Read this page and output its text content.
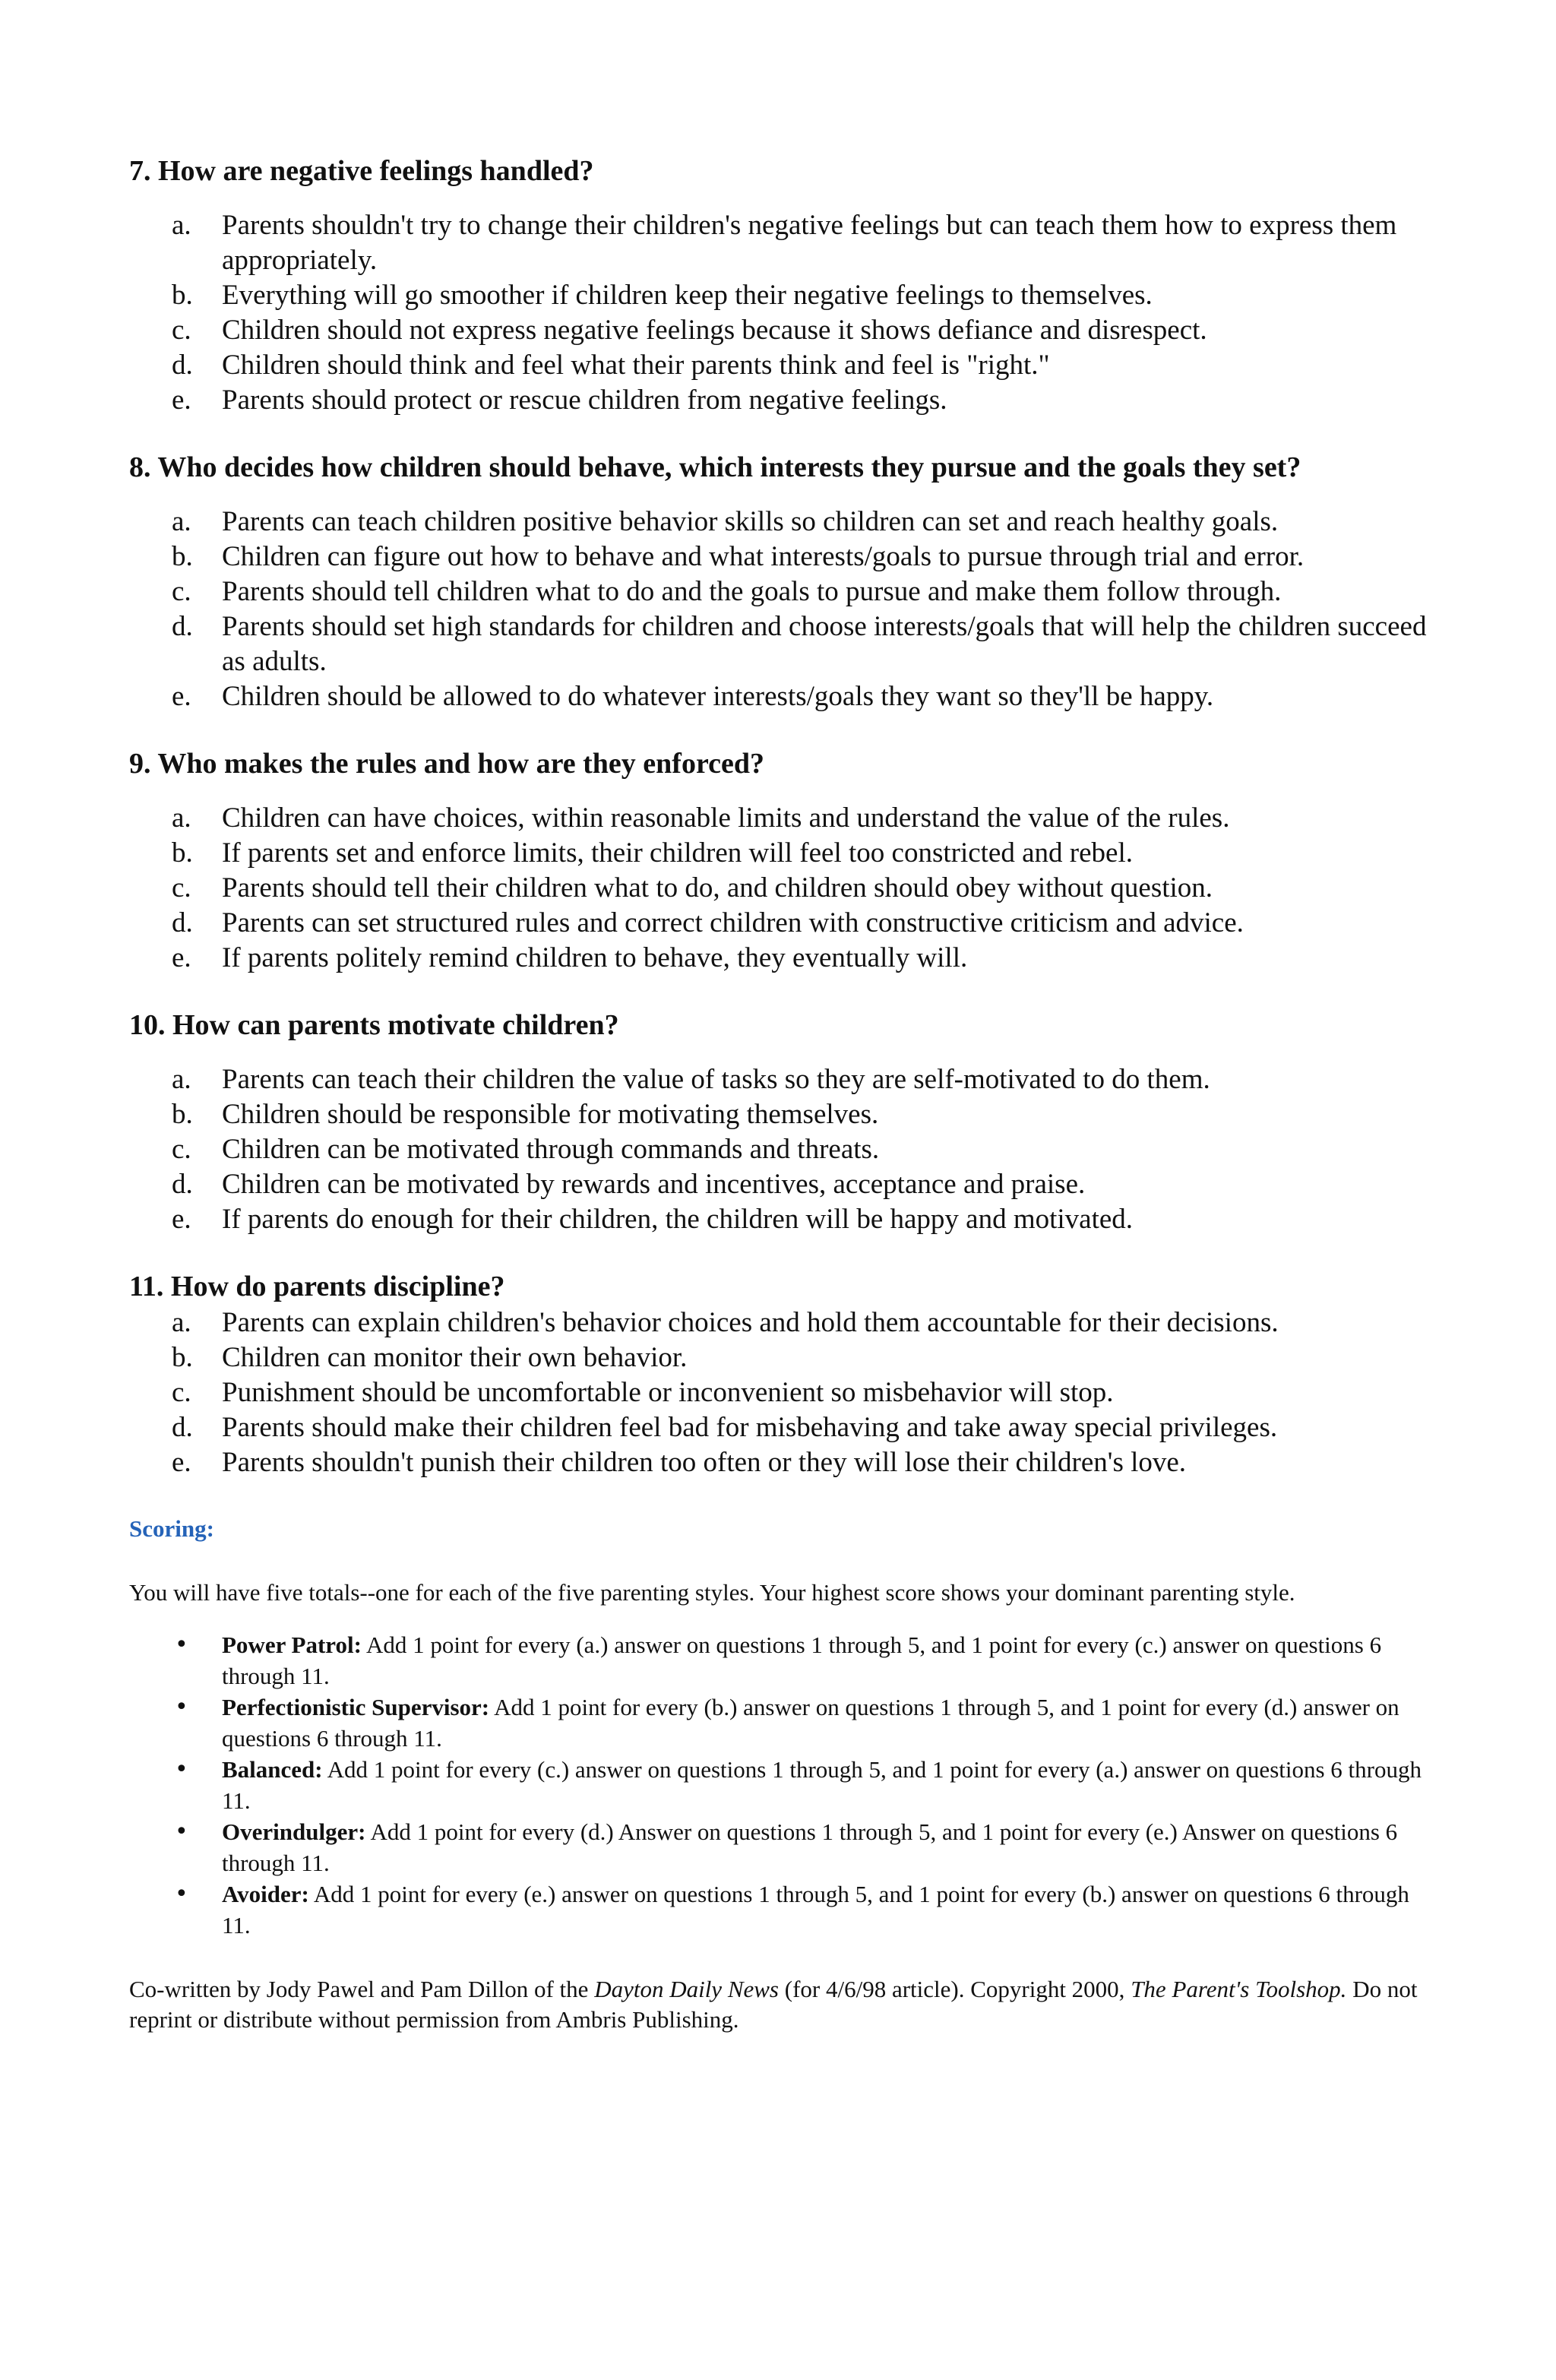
7. How are negative feelings handled?

a. Parents shouldn't try to change their children's negative feelings but can teach them how to express them appropriately.
b. Everything will go smoother if children keep their negative feelings to themselves.
c. Children should not express negative feelings because it shows defiance and disrespect.
d. Children should think and feel what their parents think and feel is "right."
e. Parents should protect or rescue children from negative feelings.

8. Who decides how children should behave, which interests they pursue and the goals they set?

a. Parents can teach children positive behavior skills so children can set and reach healthy goals.
b. Children can figure out how to behave and what interests/goals to pursue through trial and error.
c. Parents should tell children what to do and the goals to pursue and make them follow through.
d. Parents should set high standards for children and choose interests/goals that will help the children succeed as adults.
e. Children should be allowed to do whatever interests/goals they want so they'll be happy.

9. Who makes the rules and how are they enforced?

a. Children can have choices, within reasonable limits and understand the value of the rules.
b. If parents set and enforce limits, their children will feel too constricted and rebel.
c. Parents should tell their children what to do, and children should obey without question.
d. Parents can set structured rules and correct children with constructive criticism and advice.
e. If parents politely remind children to behave, they eventually will.

10. How can parents motivate children?

a. Parents can teach their children the value of tasks so they are self-motivated to do them.
b. Children should be responsible for motivating themselves.
c. Children can be motivated through commands and threats.
d. Children can be motivated by rewards and incentives, acceptance and praise.
e. If parents do enough for their children, the children will be happy and motivated.

11. How do parents discipline?

a. Parents can explain children's behavior choices and hold them accountable for their decisions.
b. Children can monitor their own behavior.
c. Punishment should be uncomfortable or inconvenient so misbehavior will stop.
d. Parents should make their children feel bad for misbehaving and take away special privileges.
e. Parents shouldn't punish their children too often or they will lose their children's love.

Scoring:

You will have five totals--one for each of the five parenting styles. Your highest score shows your dominant parenting style.

• Power Patrol: Add 1 point for every (a.) answer on questions 1 through 5, and 1 point for every (c.) answer on questions 6 through 11.
• Perfectionistic Supervisor: Add 1 point for every (b.) answer on questions 1 through 5, and 1 point for every (d.) answer on questions 6 through 11.
• Balanced: Add 1 point for every (c.) answer on questions 1 through 5, and 1 point for every (a.) answer on questions 6 through 11.
• Overindulger: Add 1 point for every (d.) Answer on questions 1 through 5, and 1 point for every (e.) Answer on questions 6 through 11.
• Avoider: Add 1 point for every (e.) answer on questions 1 through 5, and 1 point for every (b.) answer on questions 6 through 11.

Co-written by Jody Pawel and Pam Dillon of the Dayton Daily News (for 4/6/98 article). Copyright 2000, The Parent's Toolshop. Do not reprint or distribute without permission from Ambris Publishing.
